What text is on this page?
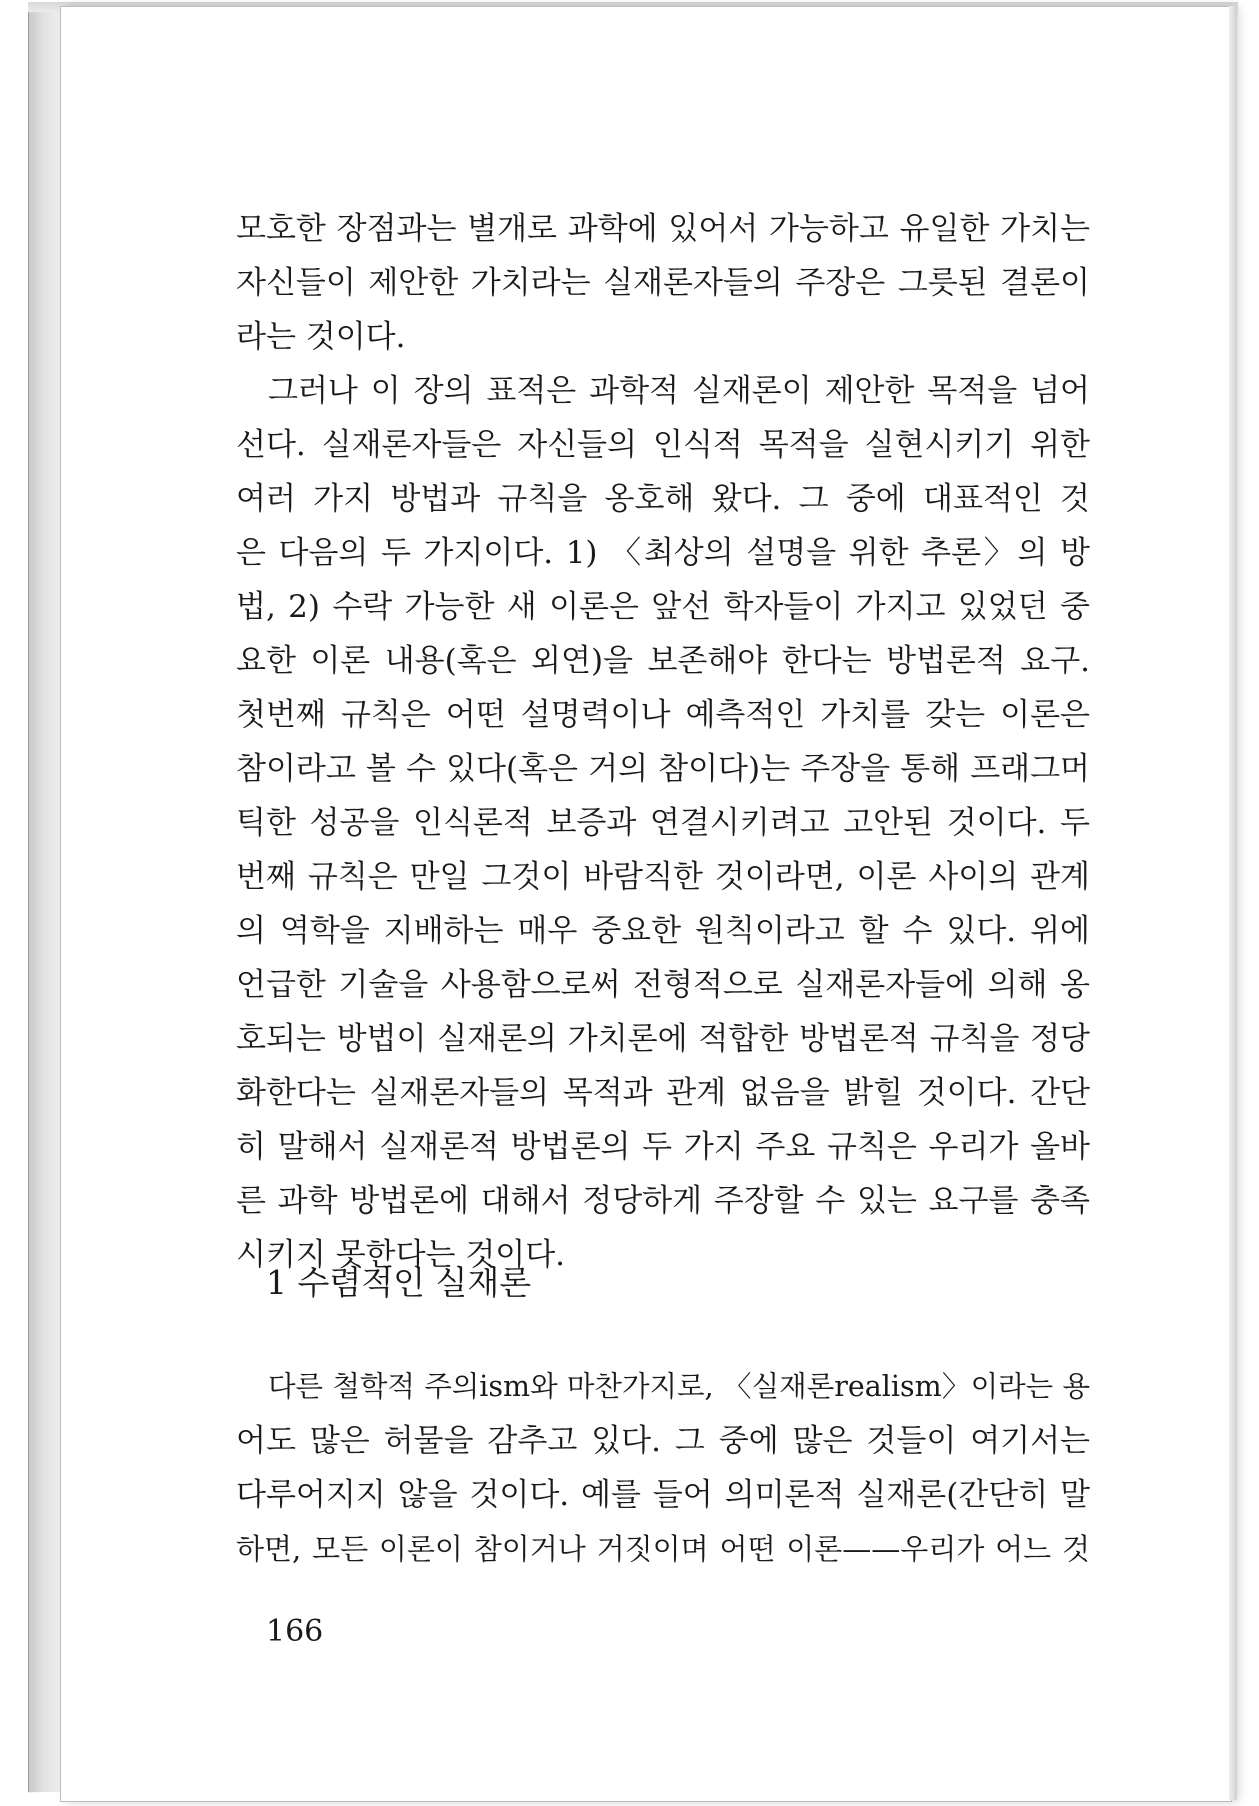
모호한 장점과는 별개로 과학에 있어서 가능하고 유일한 가치는
자신들이 제안한 가치라는 실재론자들의 주장은 그릇된 결론이
라는 것이다.
그러나 이 장의 표적은 과학적 실재론이 제안한 목적을 넘어
선다. 실재론자들은 자신들의 인식적 목적을 실현시키기 위한
여러 가지 방법과 규칙을 옹호해 왔다. 그 중에 대표적인 것
은 다음의 두 가지이다. 1) 〈최상의 설명을 위한 추론〉의 방
법, 2) 수락 가능한 새 이론은 앞선 학자들이 가지고 있었던 중
요한 이론 내용(혹은 외연)을 보존해야 한다는 방법론적 요구.
첫번째 규칙은 어떤 설명력이나 예측적인 가치를 갖는 이론은
참이라고 볼 수 있다(혹은 거의 참이다)는 주장을 통해 프래그머
틱한 성공을 인식론적 보증과 연결시키려고 고안된 것이다. 두
번째 규칙은 만일 그것이 바람직한 것이라면, 이론 사이의 관계
의 역학을 지배하는 매우 중요한 원칙이라고 할 수 있다. 위에
언급한 기술을 사용함으로써 전형적으로 실재론자들에 의해 옹
호되는 방법이 실재론의 가치론에 적합한 방법론적 규칙을 정당
화한다는 실재론자들의 목적과 관계 없음을 밝힐 것이다. 간단
히 말해서 실재론적 방법론의 두 가지 주요 규칙은 우리가 올바
른 과학 방법론에 대해서 정당하게 주장할 수 있는 요구를 충족
시키지 못한다는 것이다.
1 수렴적인 실재론
다른 철학적 주의ism와 마찬가지로, 〈실재론realism〉이라는 용
어도 많은 허물을 감추고 있다. 그 중에 많은 것들이 여기서는
다루어지지 않을 것이다. 예를 들어 의미론적 실재론(간단히 말
하면, 모든 이론이 참이거나 거짓이며 어떤 이론——우리가 어느 것
166
